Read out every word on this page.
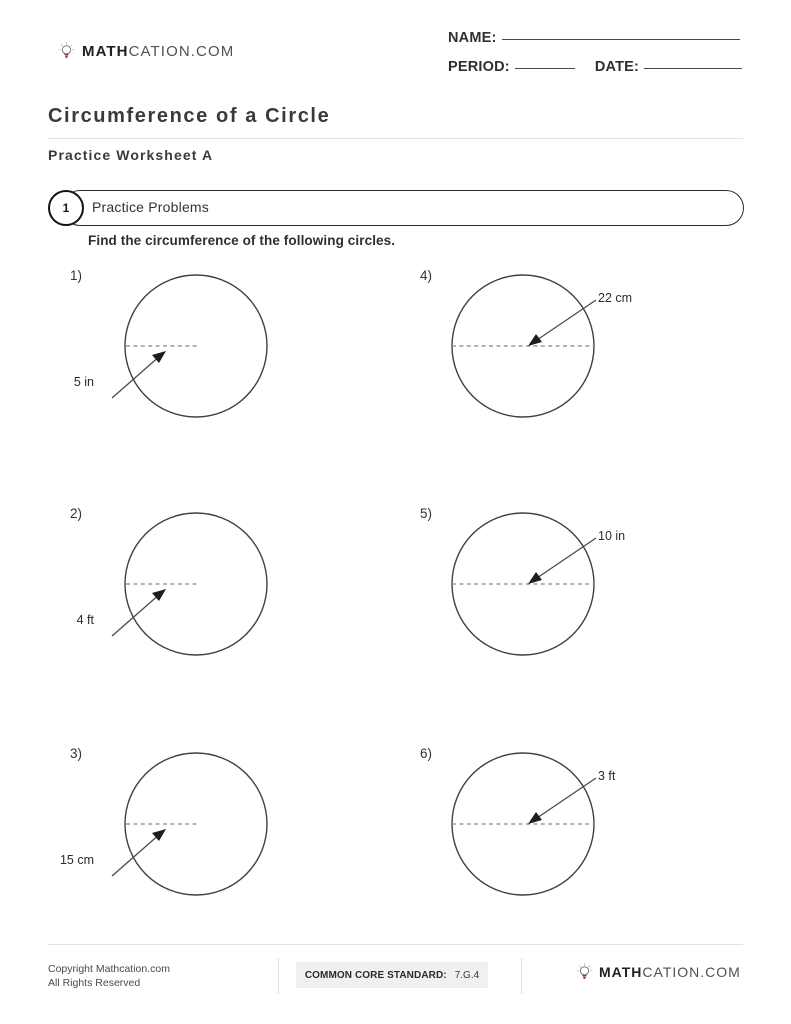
MATHCATION.COM
NAME:
PERIOD:	DATE:
Circumference of a Circle
Practice Worksheet A
Practice Problems
1
Find the circumference of the following circles.
1)
5 in
2)
4 ft
3)
15 cm
4)
22 cm
5)
10 in
6)
3 ft
Copyright Mathcation.com
All Rights Reserved
COMMON CORE STANDARD: 7.G.4	MATHCATION.COM
